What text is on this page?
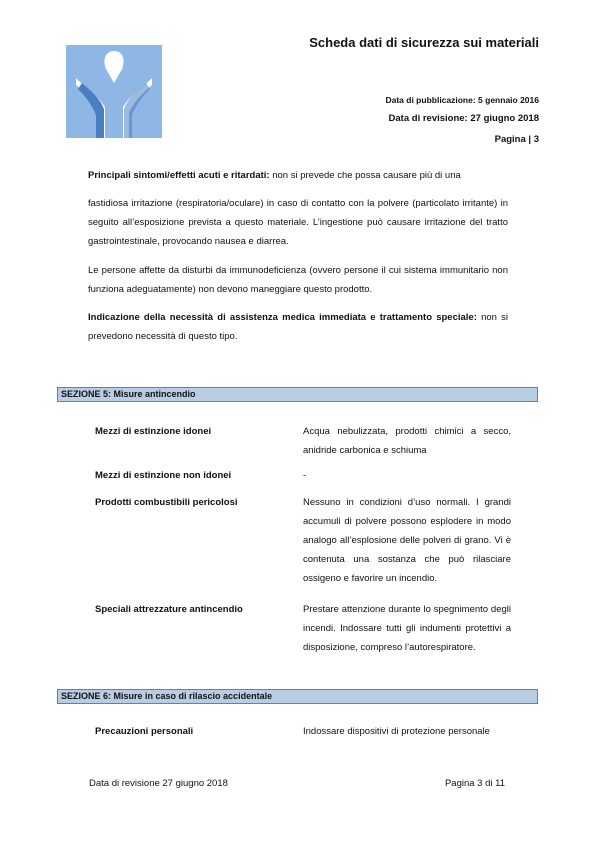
Scheda dati di sicurezza sui materiali
Data di pubblicazione: 5 gennaio 2016
Data di revisione: 27 giugno 2018
Pagina | 3
Principali sintomi/effetti acuti e ritardati: non si prevede che possa causare più di una
fastidiosa irritazione (respiratoria/oculare) in caso di contatto con la polvere (particolato irritante) in seguito all’esposizione prevista a questo materiale. L’ingestione può causare irritazione del tratto gastrointestinale, provocando nausea e diarrea.
Le persone affette da disturbi da immunodeficienza (ovvero persone il cui sistema immunitario non funziona adeguatamente) non devono maneggiare questo prodotto.
Indicazione della necessità di assistenza medica immediata e trattamento speciale: non si prevedono necessità di questo tipo.
SEZIONE 5: Misure antincendio
Mezzi di estinzione idonei	Acqua nebulizzata, prodotti chimici a secco, anidride carbonica e schiuma
Mezzi di estinzione non idonei	-
Prodotti combustibili pericolosi	Nessuno in condizioni d’uso normali. I grandi accumuli di polvere possono esplodere in modo analogo all’esplosione delle polveri di grano. Vi è contenuta una sostanza che può rilasciare ossigeno e favorire un incendio.
Speciali attrezzature antincendio	Prestare attenzione durante lo spegnimento degli incendi. Indossare tutti gli indumenti protettivi a disposizione, compreso l’autorespiratore.
SEZIONE 6: Misure in caso di rilascio accidentale
Precauzioni personali	Indossare dispositivi di protezione personale
Data di revisione 27 giugno 2018	Pagina 3 di 11
